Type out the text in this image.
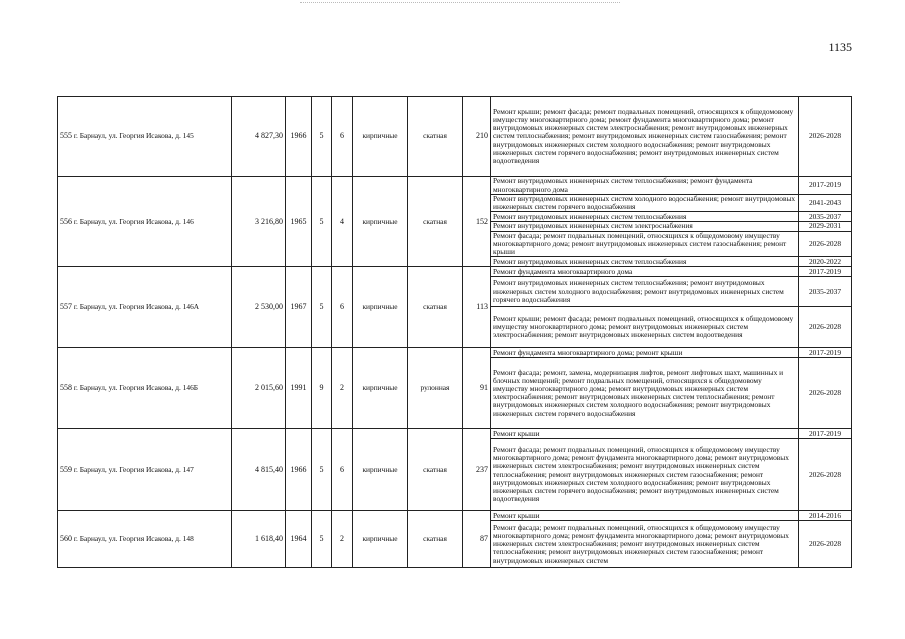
1135
555 г. Барнаул, ул. Георгия Исакова, д. 145	4 827,30	1966	5	6	кирпичные	скатная	210	Ремонт крыши; ремонт фасада; ремонт подвальных помещений, относящихся к общедомовому имуществу многоквартирного дома; ремонт фундамента многоквартирного дома; ремонт внутридомовых инженерных систем электроснабжения; ремонт внутридомовых инженерных систем теплоснабжения; ремонт внутридомовых инженерных систем газоснабжения; ремонт внутридомовых инженерных систем холодного водоснабжения; ремонт внутридомовых инженерных систем горячего водоснабжения; ремонт внутридомовых инженерных систем водоотведения	2026-2028
556 г. Барнаул, ул. Георгия Исакова, д. 146	3 216,80	1965	5	4	кирпичные	скатная	152	Ремонт внутридомовых инженерных систем теплоснабжения; ремонт фундамента многоквартирного дома	2017-2019
								Ремонт внутридомовых инженерных систем холодного водоснабжения; ремонт внутридомовых инженерных систем горячего водоснабжения	2041-2043
								Ремонт внутридомовых инженерных систем теплоснабжения	2035-2037
								Ремонт внутридомовых инженерных систем электроснабжения	2029-2031
								Ремонт фасада; ремонт подвальных помещений, относящихся к общедомовому имуществу многоквартирного дома; ремонт внутридомовых инженерных систем газоснабжения; ремонт крыши	2026-2028
								Ремонт внутридомовых инженерных систем теплоснабжения	2020-2022
557 г. Барнаул, ул. Георгия Исакова, д. 146А	2 530,00	1967	5	6	кирпичные	скатная	113	Ремонт фундамента многоквартирного дома	2017-2019
								Ремонт внутридомовых инженерных систем теплоснабжения; ремонт внутридомовых инженерных систем холодного водоснабжения; ремонт внутридомовых инженерных систем горячего водоснабжения	2035-2037
								Ремонт крыши; ремонт фасада; ремонт подвальных помещений, относящихся к общедомовому имуществу многоквартирного дома; ремонт внутридомовых инженерных систем электроснабжения; ремонт внутридомовых инженерных систем водоотведения	2026-2028
558 г. Барнаул, ул. Георгия Исакова, д. 146Б	2 015,60	1991	9	2	кирпичные	рулонная	91	Ремонт фундамента многоквартирного дома; ремонт крыши	2017-2019
								Ремонт фасада; ремонт, замена, модернизация лифтов, ремонт лифтовых шахт, машинных и блочных помещений; ремонт подвальных помещений, относящихся к общедомовому имуществу многоквартирного дома; ремонт внутридомовых инженерных систем электроснабжения; ремонт внутридомовых инженерных систем теплоснабжения; ремонт внутридомовых инженерных систем холодного водоснабжения; ремонт внутридомовых инженерных систем горячего водоснабжения	2026-2028
559 г. Барнаул, ул. Георгия Исакова, д. 147	4 815,40	1966	5	6	кирпичные	скатная	237	Ремонт крыши	2017-2019
								Ремонт фасада; ремонт подвальных помещений, относящихся к общедомовому имуществу многоквартирного дома; ремонт фундамента многоквартирного дома; ремонт внутридомовых инженерных систем электроснабжения; ремонт внутридомовых инженерных систем теплоснабжения; ремонт внутридомовых инженерных систем газоснабжения; ремонт внутридомовых инженерных систем холодного водоснабжения; ремонт внутридомовых инженерных систем горячего водоснабжения; ремонт внутридомовых инженерных систем водоотведения	2026-2028
560 г. Барнаул, ул. Георгия Исакова, д. 148	1 618,40	1964	5	2	кирпичные	скатная	87	Ремонт крыши	2014-2016
								Ремонт фасада; ремонт подвальных помещений, относящихся к общедомовому имуществу многоквартирного дома; ремонт фундамента многоквартирного дома; ремонт внутридомовых инженерных систем электроснабжения; ремонт внутридомовых инженерных систем теплоснабжения; ремонт внутридомовых инженерных систем газоснабжения; ремонт внутридомовых инженерных систем	2026-2028
